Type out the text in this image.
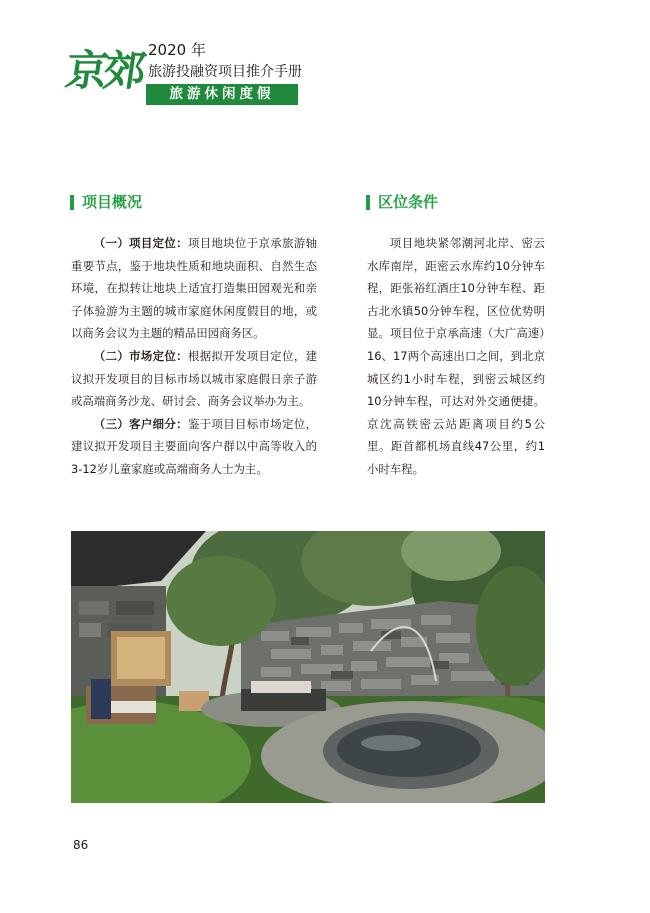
京郊 2020 年
旅游投融资项目推介手册
旅游休闲度假
项目概况

（一）项目定位：项目地块位于京承旅游轴重要节点，鉴于地块性质和地块面积、自然生态环境，在拟转让地块上适宜打造集田园观光和亲子体验游为主题的城市家庭休闲度假目的地，或以商务会议为主题的精品田园商务区。

（二）市场定位：根据拟开发项目定位，建议拟开发项目的目标市场以城市家庭假日亲子游或高端商务沙龙、研讨会、商务会议举办为主。

（三）客户细分：鉴于项目目标市场定位，建议拟开发项目主要面向客户群以中高等收入的3-12岁儿童家庭或高端商务人士为主。

区位条件

项目地块紧邻潮河北岸、密云水库南岸，距密云水库约10分钟车程，距张裕红酒庄10分钟车程、距古北水镇50分钟车程，区位优势明显。项目位于京承高速（大广高速）16、17两个高速出口之间，到北京城区约1小时车程，到密云城区约10分钟车程，可达对外交通便捷。京沈高铁密云站距离项目约5公里。距首都机场直线47公里，约1小时车程。

86
